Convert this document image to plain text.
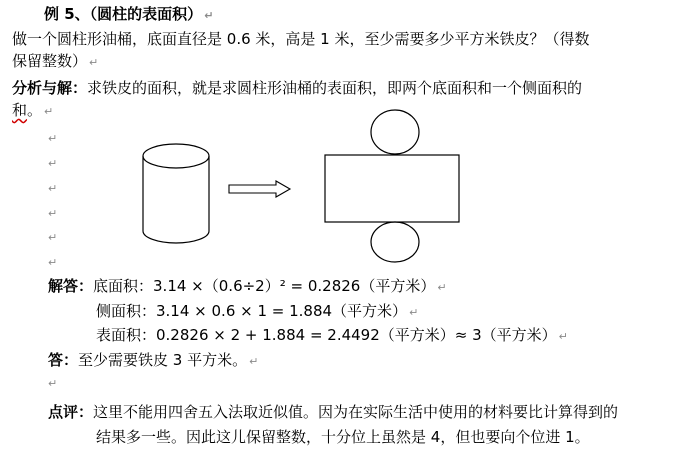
例 5、（圆柱的表面积） ↵
做一个圆柱形油桶，底面直径是 0.6 米，高是 1 米，至少需要多少平方米铁皮？（得数
保留整数） ↵
分析与解：求铁皮的面积，就是求圆柱形油桶的表面积，即两个底面积和一个侧面积的
和。 ↵
↵
↵
↵
↵
↵
↵
解答：底面积：3.14 ×（0.6÷2）² = 0.2826（平方米） ↵
侧面积：3.14 × 0.6 × 1 = 1.884（平方米） ↵
表面积：0.2826 × 2 + 1.884 = 2.4492（平方米）≈ 3（平方米） ↵
答：至少需要铁皮 3 平方米。 ↵
↵
点评：这里不能用四舍五入法取近似值。因为在实际生活中使用的材料要比计算得到的
结果多一些。因此这儿保留整数，十分位上虽然是 4，但也要向个位进 1。
